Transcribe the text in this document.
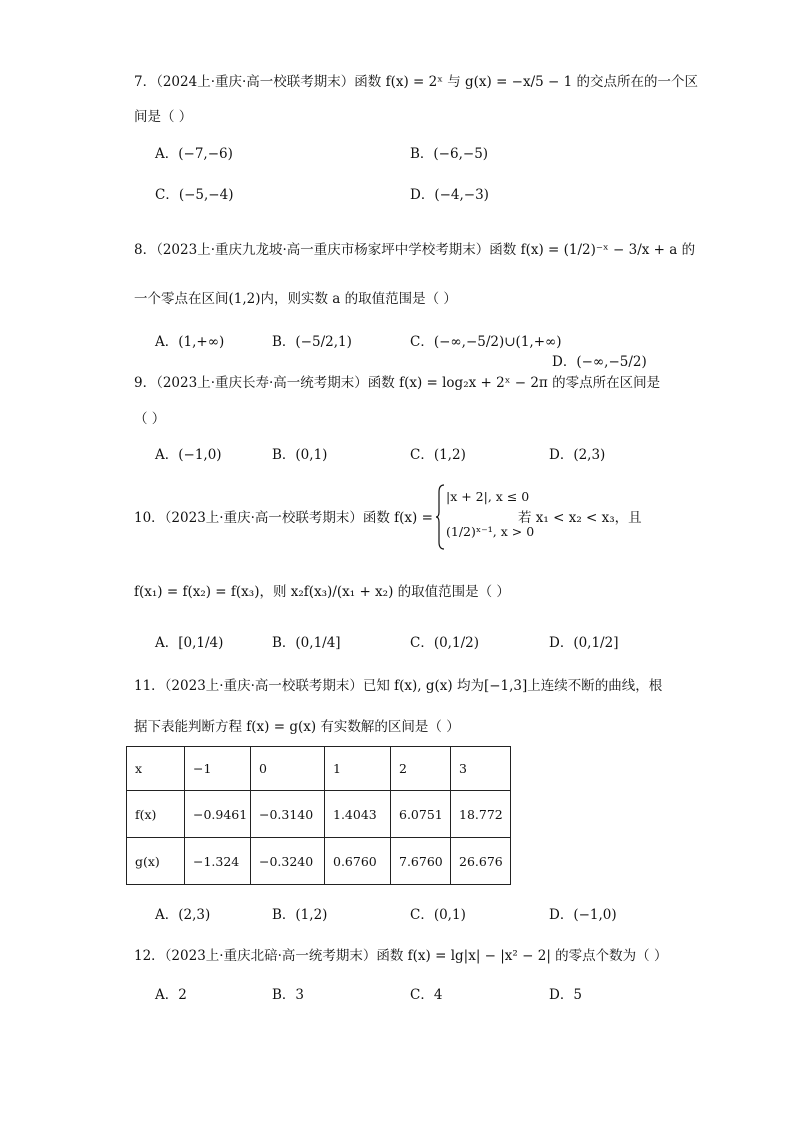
7．（2024上·重庆·高一校联考期末）函数 f(x) = 2ˣ 与 g(x) = −x/5 − 1 的交点所在的一个区
间是（ ）
A．(−7,−6)	B．(−6,−5)
C．(−5,−4)	D．(−4,−3)
8．（2023上·重庆九龙坡·高一重庆市杨家坪中学校考期末）函数 f(x) = (1/2)⁻ˣ − 3/x + a 的
一个零点在区间(1,2)内，则实数 a 的取值范围是（ ）
A．(1,+∞)	B．(−5/2,1)	C．(−∞,−5/2)∪(1,+∞)
D．(−∞,−5/2)
9．（2023上·重庆长寿·高一统考期末）函数 f(x) = log₂x + 2ˣ − 2π 的零点所在区间是
（ ）
A．(−1,0)	B．(0,1)	C．(1,2)	D．(2,3)
10．（2023上·重庆·高一校联考期末）函数 f(x) =
|x + 2|, x ≤ 0
(1/2)ˣ⁻¹, x > 0
若 x₁ < x₂ < x₃，且
f(x₁) = f(x₂) = f(x₃)，则 x₂f(x₃)/(x₁ + x₂) 的取值范围是（ ）
A．[0,1/4)	B．(0,1/4]	C．(0,1/2)	D．(0,1/2]
11．（2023上·重庆·高一校联考期末）已知 f(x), g(x) 均为[−1,3]上连续不断的曲线，根
据下表能判断方程 f(x) = g(x) 有实数解的区间是（ ）
x	−1	0	1	2	3
f(x)	−0.9461	−0.3140	1.4043	6.0751	18.772
g(x)	−1.324	−0.3240	0.6760	7.6760	26.676
A．(2,3)	B．(1,2)	C．(0,1)	D．(−1,0)
12．（2023上·重庆北碚·高一统考期末）函数 f(x) = lg|x| − |x² − 2| 的零点个数为（ ）
A．2	B．3	C．4	D．5
